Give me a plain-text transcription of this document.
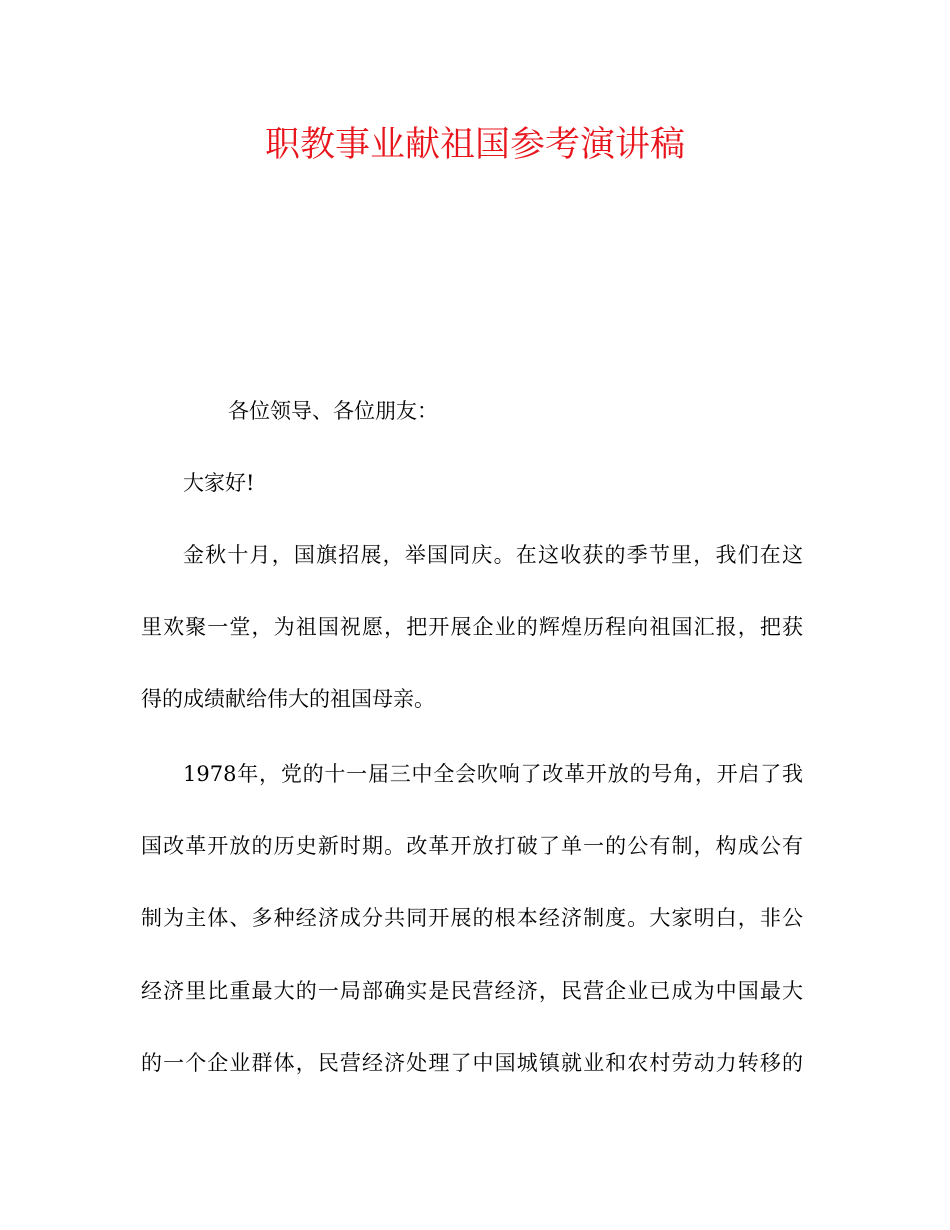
职教事业献祖国参考演讲稿
各位领导、各位朋友：
大家好!
金秋十月，国旗招展，举国同庆。在这收获的季节里，我们在这
里欢聚一堂，为祖国祝愿，把开展企业的辉煌历程向祖国汇报，把获
得的成绩献给伟大的祖国母亲。
1978年，党的十一届三中全会吹响了改革开放的号角，开启了我
国改革开放的历史新时期。改革开放打破了单一的公有制，构成公有
制为主体、多种经济成分共同开展的根本经济制度。大家明白，非公
经济里比重最大的一局部确实是民营经济，民营企业已成为中国最大
的一个企业群体，民营经济处理了中国城镇就业和农村劳动力转移的
